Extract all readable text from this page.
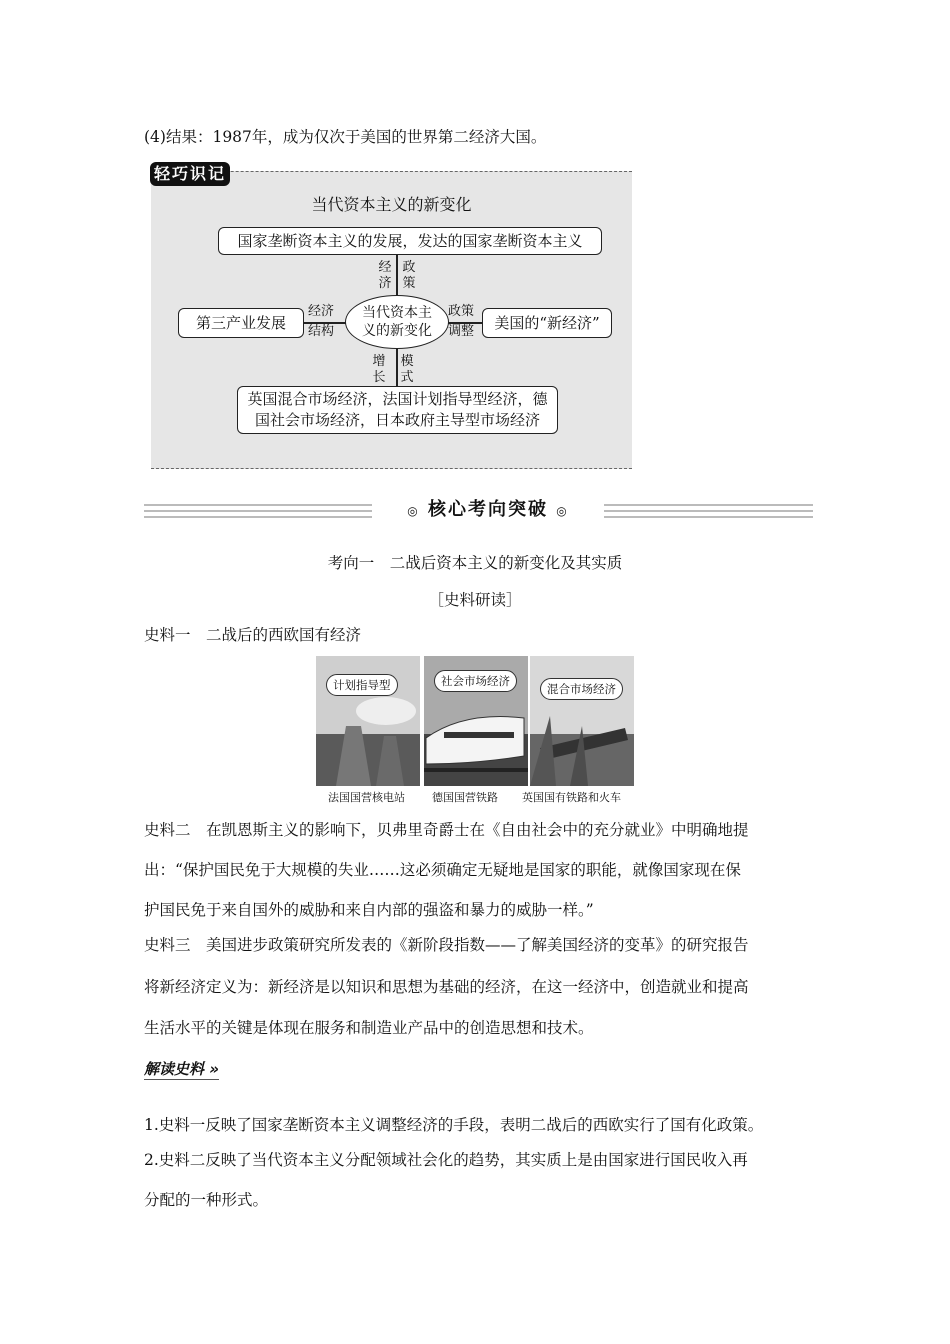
(4)结果：1987年，成为仅次于美国的世界第二经济大国。
轻巧识记
当代资本主义的新变化
国家垄断资本主义的发展，发达的国家垄断资本主义
经济
政策
增长
模式
经济
结构
政策
调整
当代资本主
义的新变化
第三产业发展	美国的“新经济”
英国混合市场经济，法国计划指导型经济，德
国社会市场经济，日本政府主导型市场经济
◎ 核心考向突破 ◎
考向一　二战后资本主义的新变化及其实质
［史料研读］
史料一　二战后的西欧国有经济
计划指导型	社会市场经济
混合市场经济
法国国营核电站 德国国营铁路 英国国有铁路和火车
史料二　在凯恩斯主义的影响下，贝弗里奇爵士在《自由社会中的充分就业》中明确地提
出：“保护国民免于大规模的失业……这必须确定无疑地是国家的职能，就像国家现在保
护国民免于来自国外的威胁和来自内部的强盗和暴力的威胁一样。”
史料三　美国进步政策研究所发表的《新阶段指数——了解美国经济的变革》的研究报告
将新经济定义为：新经济是以知识和思想为基础的经济，在这一经济中，创造就业和提高
生活水平的关键是体现在服务和制造业产品中的创造思想和技术。
解读史料 »
1.史料一反映了国家垄断资本主义调整经济的手段，表明二战后的西欧实行了国有化政策。
2.史料二反映了当代资本主义分配领域社会化的趋势，其实质上是由国家进行国民收入再
分配的一种形式。
